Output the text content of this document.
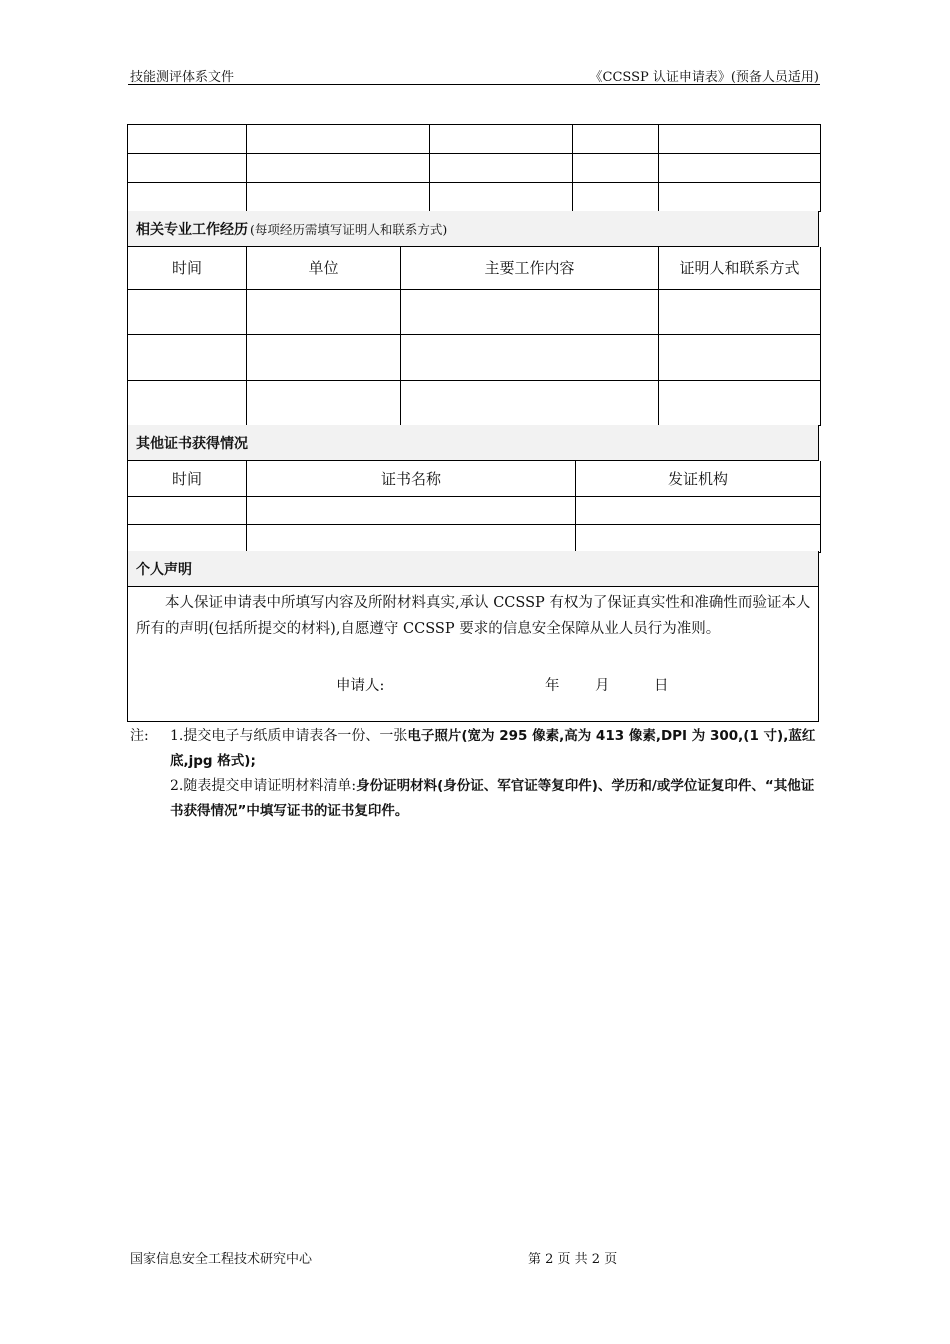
技能测评体系文件	《CCSSP 认证申请表》(预备人员适用)

相关专业工作经历 (每项经历需填写证明人和联系方式)
时间	单位	主要工作内容	证明人和联系方式

其他证书获得情况
时间	证书名称	发证机构

个人声明

本人保证申请表中所填写内容及所附材料真实,承认 CCSSP 有权为了保证真实性和准确性而验证本人所有的声明(包括所提交的材料),自愿遵守 CCSSP 要求的信息安全保障从业人员行为准则。

申请人:	年 月	日
注: 1.提交电子与纸质申请表各一份、一张电子照片(宽为 295 像素,高为 413 像素,DPI 为 300,(1 寸),蓝红底,jpg 格式);
2.随表提交申请证明材料清单:身份证明材料(身份证、军官证等复印件)、学历和/或学位证复印件、“其他证书获得情况”中填写证书的证书复印件。
国家信息安全工程技术研究中心	第 2 页 共 2 页
